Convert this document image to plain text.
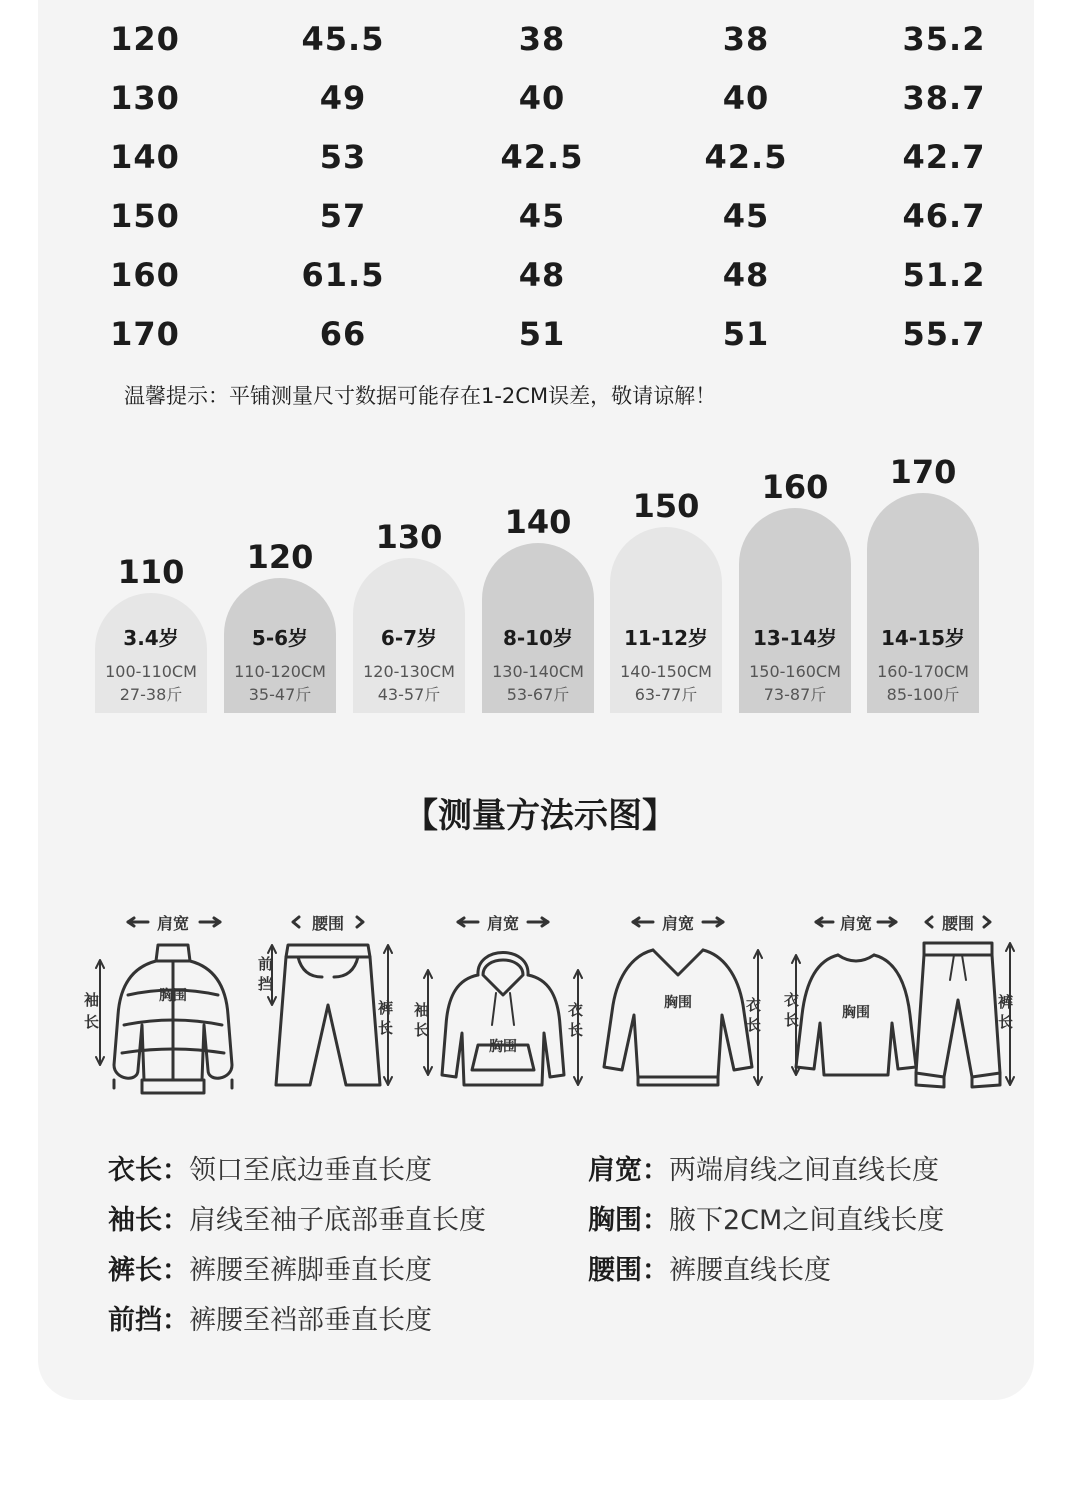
120	45.5	38	38	35.2
130	49	40	40	38.7
140	53	42.5	42.5	42.7
150	57	45	45	46.7
160	61.5	48	48	51.2
170	66	51	51	55.7
温馨提示：平铺测量尺寸数据可能存在1-2CM误差，敬请谅解！
110
3.4岁
100-110CM
27-38斤
120
5-6岁
110-120CM
35-47斤
130
6-7岁
120-130CM
43-57斤
140
8-10岁
130-140CM
53-67斤
150
11-12岁
140-150CM
63-77斤
160
13-14岁
150-160CM
73-87斤
170
14-15岁
160-170CM
85-100斤
【测量方法示图】
肩宽
胸围
袖
长
腰围
前
挡
裤
长
肩宽
胸围
袖
长
衣
长
肩宽
胸围	衣
长
肩宽
胸围
衣
长
腰围
裤
长
衣长：领口至底边垂直长度
袖长：肩线至袖子底部垂直长度
裤长：裤腰至裤脚垂直长度
前挡：裤腰至裆部垂直长度
肩宽：两端肩线之间直线长度
胸围：腋下2CM之间直线长度
腰围：裤腰直线长度
